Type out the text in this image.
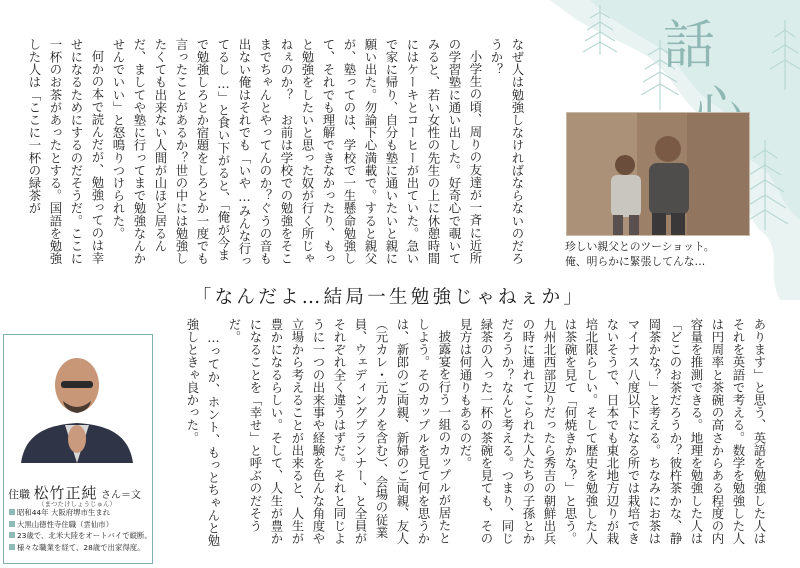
話
珍しい親父とのツーショット。
俺、明らかに緊張してんな…
なぜ人は勉強しなければならないのだろうか？
小学生の頃、周りの友達が一斉に近所の学習塾に通い出した。好奇心で覗いてみると、若い女性の先生の上に休憩時間にはケーキとコーヒーが出ていた。急いで家に帰り、自分も塾に通いたいと親に願い出た。勿論下心満載で。すると親父が、塾ってのは、学校で一生懸命勉強して、それでも理解できなかったり、もっと勉強をしたいと思った奴が行く所じゃねぇのか？　お前は学校での勉強をそこまでちゃんとやってんのか？ぐうの音も出ない俺はそれでも「いや…みんな行ってるし…」と食い下がると、「俺が今まで勉強しろとか宿題をしろとか一度でも言ったことがあるか？世の中には勉強したくても出来ない人間が山ほど居るんだ、ましてや塾に行ってまで勉強なんかせんでいい」と怒鳴りつけられた。
何かの本で読んだが、勉強ってのは幸せになるためにするのだそうだ。ここに一杯のお茶があったとする。国語を勉強した人は「ここに一杯の緑茶が
「なんだよ…結局一生勉強じゃねぇか」
あります」と思う、英語を勉強した人はそれを英語で考える。数学を勉強した人は円周率と茶碗の高さからある程度の内容量を推測できる。地理を勉強した人は「どこのお茶だろうか？彼杵茶かな、静岡茶かな？」と考える。ちなみにお茶はマイナス八度以下になる所では栽培できないそうで、日本でも東北地方辺りが栽培北限らしい。そして歴史を勉強した人は茶碗を見て「何焼きかな？」と思う。九州北西部辺りだったら秀吉の朝鮮出兵の時に連れてこられた人たちの子孫とかだろうか？なんと考える。つまり、同じ緑茶の入った一杯の茶碗を見ても、その見方は何通りもあるのだ。
披露宴を行う一組のカップルが居たとしよう。そのカップルを見て何を思うかは、新郎のご両親、新婦のご両親、友人（元カレ・元カノを含む）、会場の従業員、ウェディングプランナー、と全員がそれぞれ全く違うはずだ。それと同じように一つの出来事や経験を色んな角度や立場から考えることが出来ると、人生が豊かになるらしい。そして、人生が豊かになることを「幸せ」と呼ぶのだそうだ。
…ってか、ホント、もっとちゃんと勉強しときゃ良かった。
住職 松竹正純 さん＝文
（まつたけしょうじゅん）
昭和44年 大阪府堺市生まれ
大黒山徳性寺住職（雲仙市）
23歳で、北米大陸をオートバイで縦断。
様々な職業を経て、28歳で出家得度。
